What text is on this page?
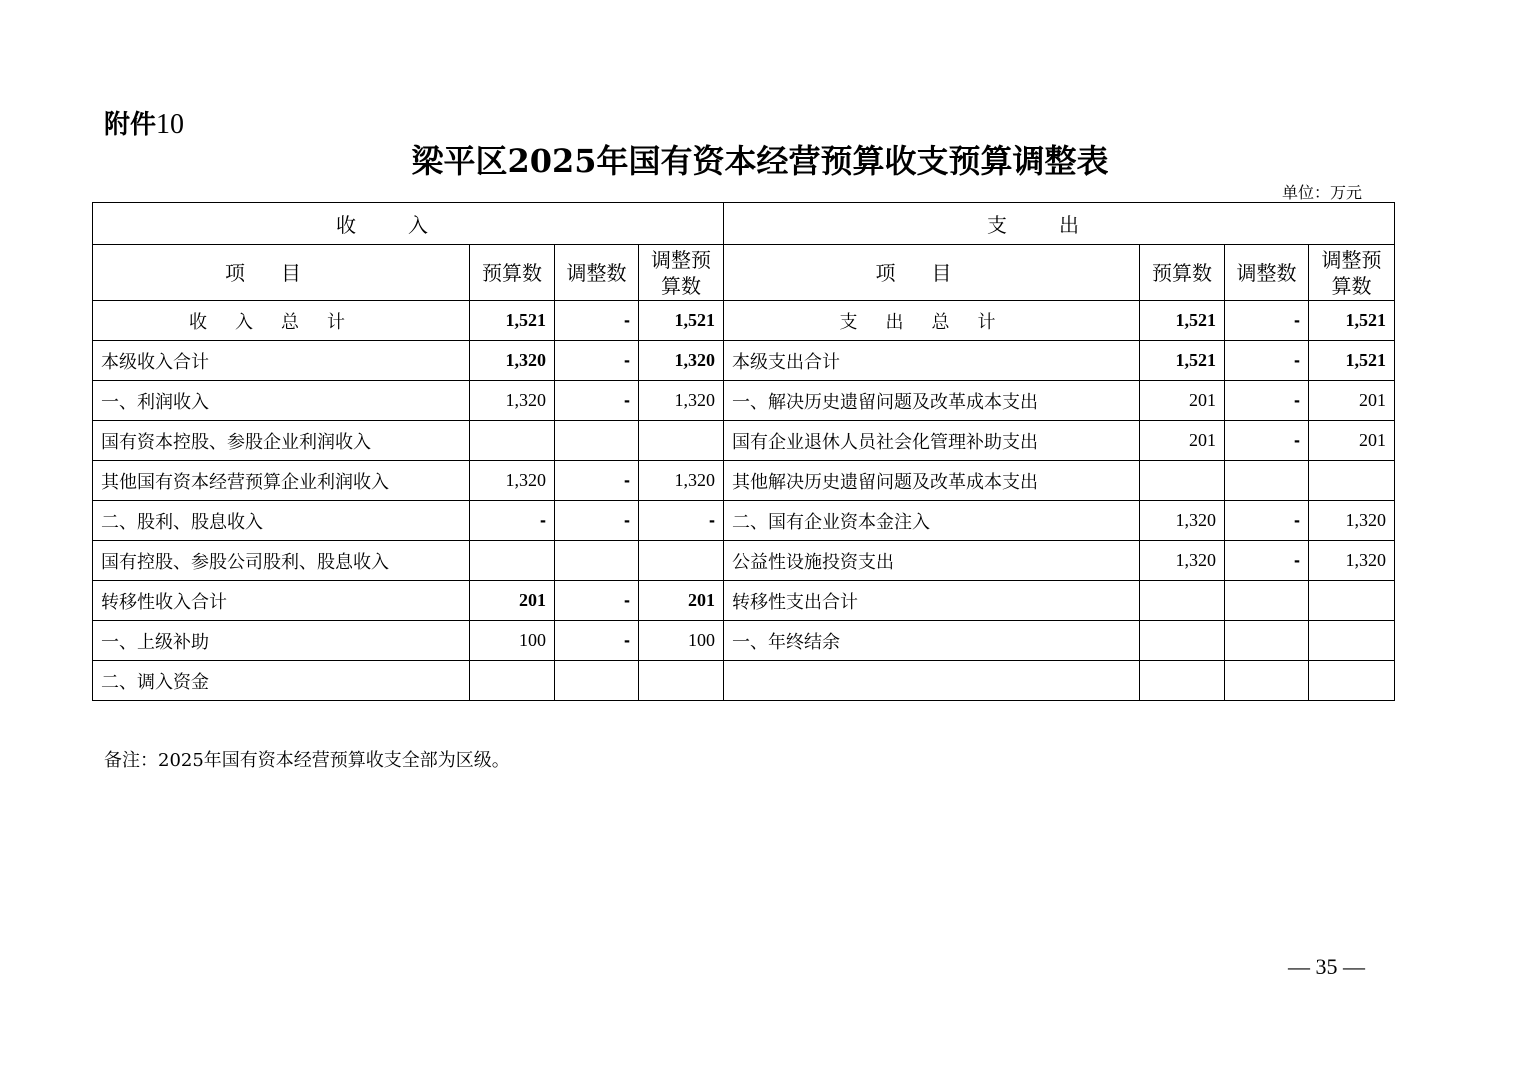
附件10
梁平区2025年国有资本经营预算收支预算调整表
单位：万元
收入				支出			
项目	预算数	调整数	调整预算数	项目	预算数	调整数	调整预算数
收入总计	1,521	-	1,521	支出总计	1,521	-	1,521
本级收入合计	1,320	-	1,320	本级支出合计	1,521	-	1,521
一、利润收入	1,320	-	1,320	一、解决历史遗留问题及改革成本支出	201	-	201
国有资本控股、参股企业利润收入				国有企业退休人员社会化管理补助支出	201	-	201
其他国有资本经营预算企业利润收入	1,320	-	1,320	其他解决历史遗留问题及改革成本支出			
二、股利、股息收入	-	-	-	二、国有企业资本金注入	1,320	-	1,320
国有控股、参股公司股利、股息收入				公益性设施投资支出	1,320	-	1,320
转移性收入合计	201	-	201	转移性支出合计			
一、上级补助	100	-	100	一、年终结余			
二、调入资金							
备注：2025年国有资本经营预算收支全部为区级。
— 35 —
